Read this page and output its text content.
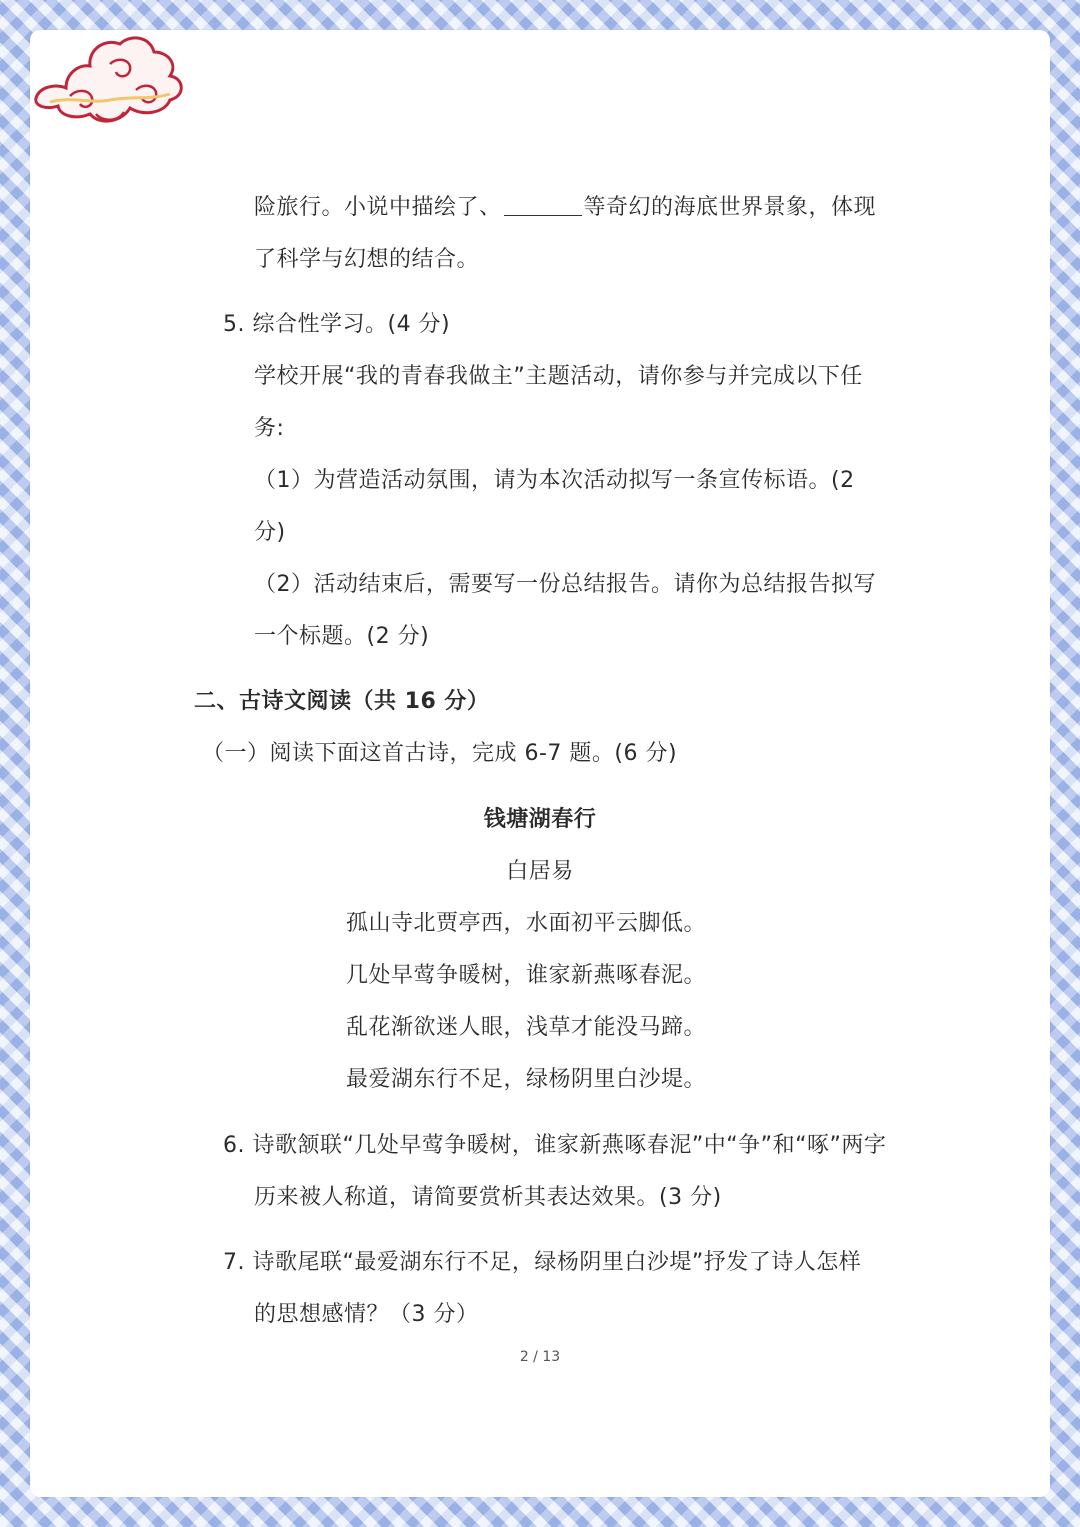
险旅行。小说中描绘了、	等奇幻的海底世界景象，体现
了科学与幻想的结合。
5. 综合性学习。(4 分)
学校开展“我的青春我做主”主题活动，请你参与并完成以下任
务:
（1）为营造活动氛围，请为本次活动拟写一条宣传标语。(2
分)
（2）活动结束后，需要写一份总结报告。请你为总结报告拟写
一个标题。(2 分)
二、古诗文阅读（共 16 分）
（一）阅读下面这首古诗，完成 6-7 题。(6 分)
钱塘湖春行
白居易
孤山寺北贾亭西，水面初平云脚低。
几处早莺争暖树，谁家新燕啄春泥。
乱花渐欲迷人眼，浅草才能没马蹄。
最爱湖东行不足，绿杨阴里白沙堤。
6. 诗歌颔联“几处早莺争暖树，谁家新燕啄春泥”中“争”和“啄”两字
历来被人称道，请简要赏析其表达效果。(3 分)
7. 诗歌尾联“最爱湖东行不足，绿杨阴里白沙堤”抒发了诗人怎样
的思想感情？（3 分）
2 / 13
